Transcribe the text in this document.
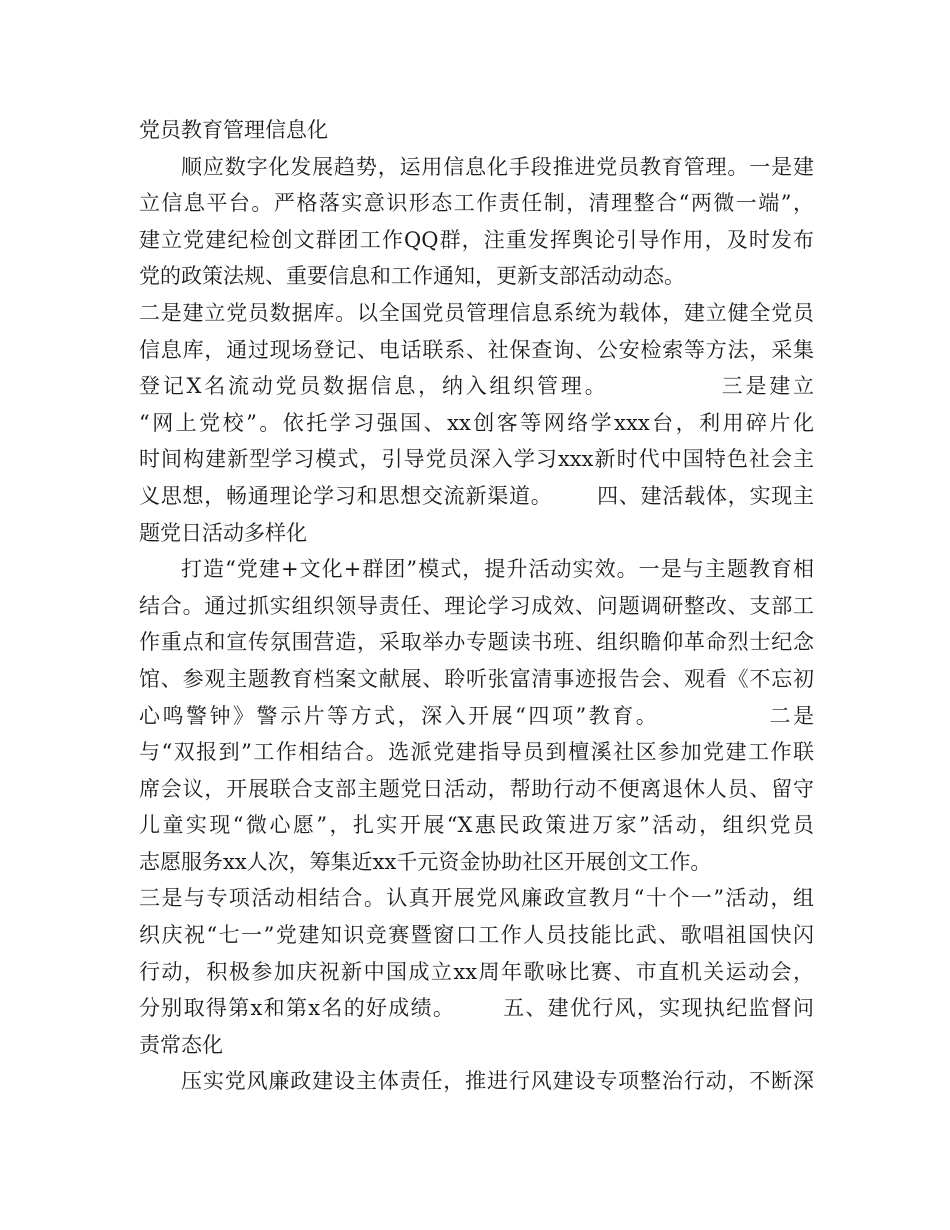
党员教育管理信息化
顺应数字化发展趋势，运用信息化手段推进党员教育管理。一是建
立信息平台。严格落实意识形态工作责任制，清理整合“两微一端”，
建立党建纪检创文群团工作QQ群，注重发挥舆论引导作用，及时发布
党的政策法规、重要信息和工作通知，更新支部活动动态。
二是建立党员数据库。以全国党员管理信息系统为载体，建立健全党员
信息库，通过现场登记、电话联系、社保查询、公安检索等方法，采集
登记X名流动党员数据信息，纳入组织管理。            三是建立
“网上党校”。依托学习强国、xx创客等网络学xxx台，利用碎片化
时间构建新型学习模式，引导党员深入学习xxx新时代中国特色社会主
义思想，畅通理论学习和思想交流新渠道。      四、建活载体，实现主
题党日活动多样化
打造“党建+文化+群团”模式，提升活动实效。一是与主题教育相
结合。通过抓实组织领导责任、理论学习成效、问题调研整改、支部工
作重点和宣传氛围营造，采取举办专题读书班、组织瞻仰革命烈士纪念
馆、参观主题教育档案文献展、聆听张富清事迹报告会、观看《不忘初
心鸣警钟》警示片等方式，深入开展“四项”教育。            二是
与“双报到”工作相结合。选派党建指导员到檀溪社区参加党建工作联
席会议，开展联合支部主题党日活动，帮助行动不便离退休人员、留守
儿童实现“微心愿”，扎实开展“X惠民政策进万家”活动，组织党员
志愿服务xx人次，筹集近xx千元资金协助社区开展创文工作。
三是与专项活动相结合。认真开展党风廉政宣教月“十个一”活动，组
织庆祝“七一”党建知识竞赛暨窗口工作人员技能比武、歌唱祖国快闪
行动，积极参加庆祝新中国成立xx周年歌咏比赛、市直机关运动会，
分别取得第x和第x名的好成绩。      五、建优行风，实现执纪监督问
责常态化
压实党风廉政建设主体责任，推进行风建设专项整治行动，不断深
